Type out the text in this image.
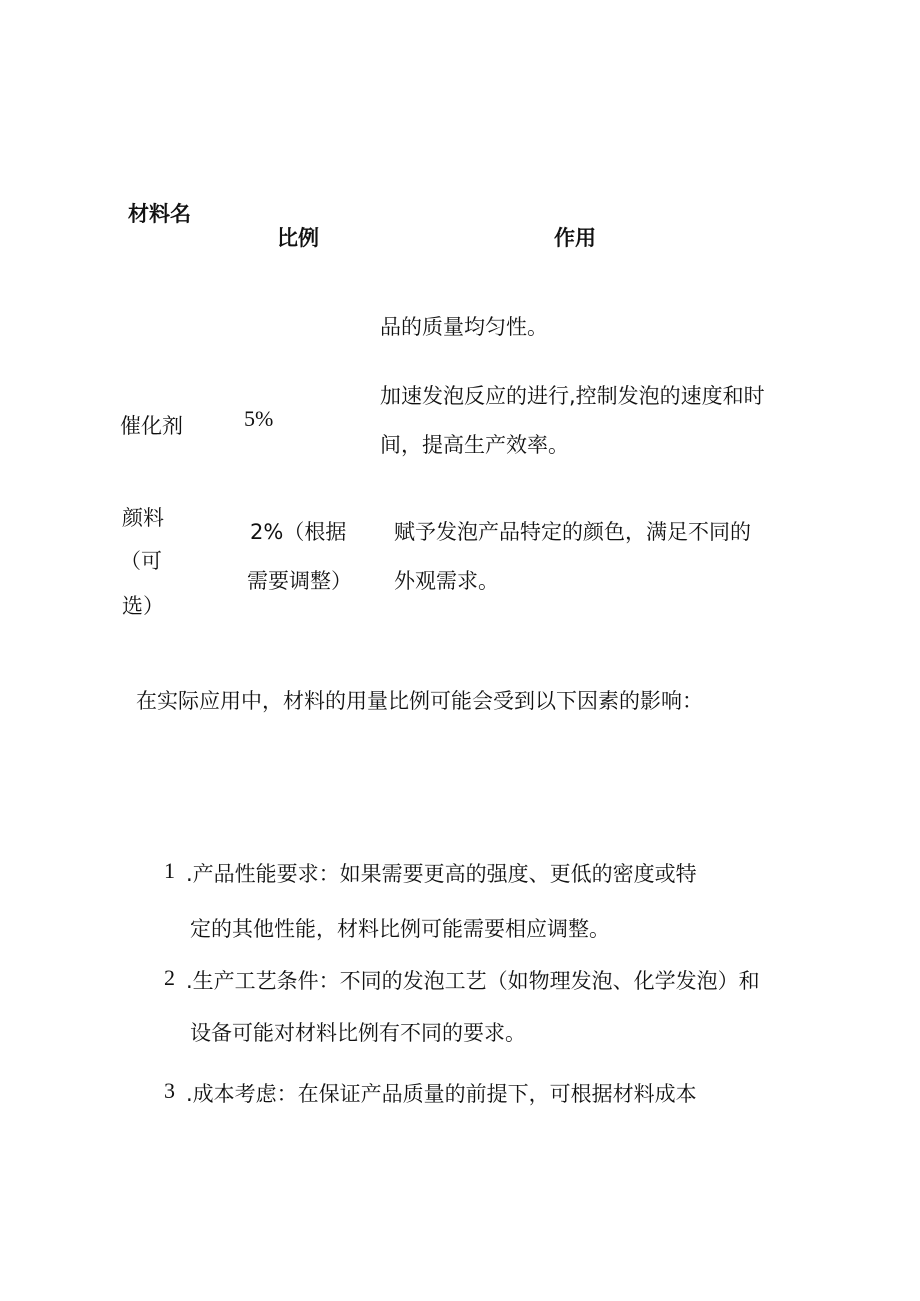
材料名
比例	作用
品的质量均匀性。
催化剂	5%
加速发泡反应的进行,控制发泡的速度和时
间，提高生产效率。
颜料
（可
选）
2%（根据
需要调整）
赋予发泡产品特定的颜色，满足不同的
外观需求。
在实际应用中，材料的用量比例可能会受到以下因素的影响：
1 .产品性能要求：如果需要更高的强度、更低的密度或特
定的其他性能，材料比例可能需要相应调整。
2 .生产工艺条件：不同的发泡工艺（如物理发泡、化学发泡）和
设备可能对材料比例有不同的要求。
3 .成本考虑：在保证产品质量的前提下，可根据材料成本
